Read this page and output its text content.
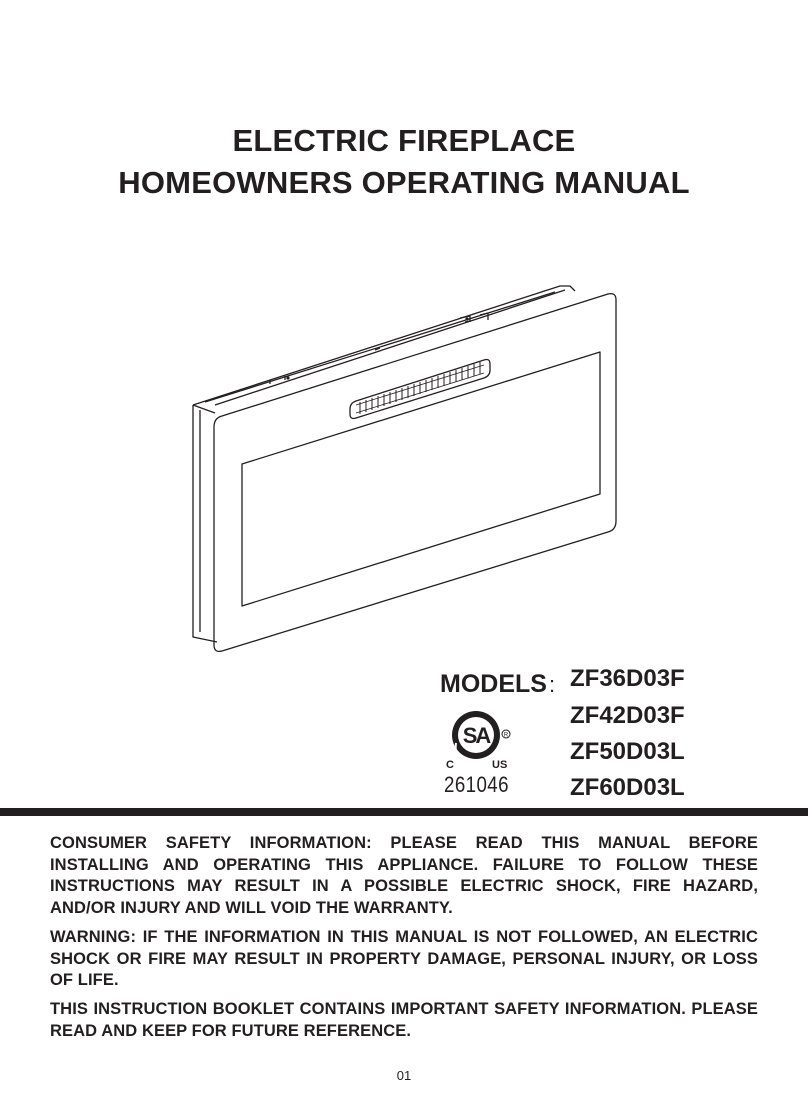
ELECTRIC FIREPLACE
HOMEOWNERS OPERATING MANUAL
MODELS: ZF36D03F
ZF42D03F
ZF50D03L
ZF60D03L
SA	R
C	US
261046
CONSUMER SAFETY INFORMATION: PLEASE READ THIS MANUAL BEFORE INSTALLING AND OPERATING THIS APPLIANCE. FAILURE TO FOLLOW THESE INSTRUCTIONS MAY RESULT IN A POSSIBLE ELECTRIC SHOCK, FIRE HAZARD, AND/OR INJURY AND WILL VOID THE WARRANTY.
WARNING: IF THE INFORMATION IN THIS MANUAL IS NOT FOLLOWED, AN ELECTRIC SHOCK OR FIRE MAY RESULT IN PROPERTY DAMAGE, PERSONAL INJURY, OR LOSS OF LIFE.
THIS INSTRUCTION BOOKLET CONTAINS IMPORTANT SAFETY INFORMATION. PLEASE READ AND KEEP FOR FUTURE REFERENCE.
01
